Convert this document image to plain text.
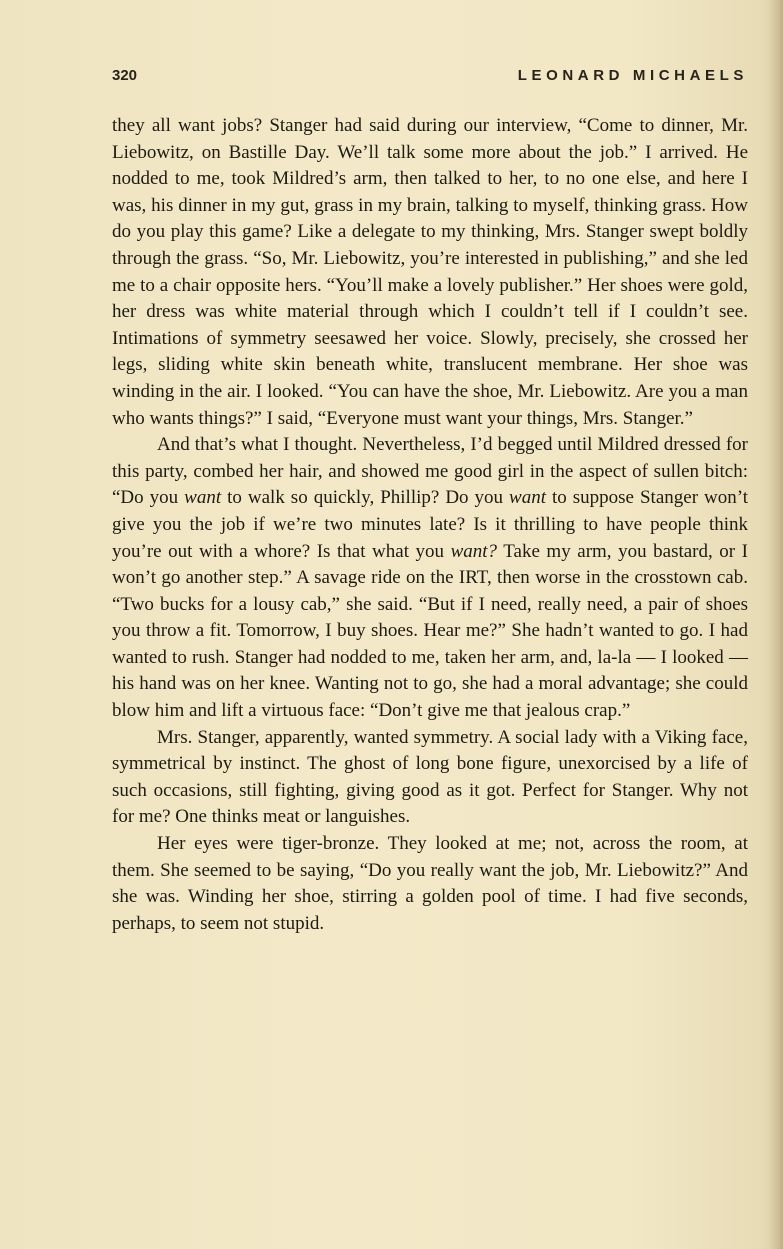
320	LEONARD MICHAELS

they all want jobs? Stanger had said during our interview, “Come to dinner, Mr. Liebowitz, on Bastille Day. We’ll talk some more about the job.” I arrived. He nodded to me, took Mildred’s arm, then talked to her, to no one else, and here I was, his dinner in my gut, grass in my brain, talking to myself, thinking grass. How do you play this game? Like a delegate to my thinking, Mrs. Stanger swept boldly through the grass. “So, Mr. Liebowitz, you’re interested in publishing,” and she led me to a chair opposite hers. “You’ll make a lovely publisher.” Her shoes were gold, her dress was white material through which I couldn’t tell if I couldn’t see. Intimations of symmetry seesawed her voice. Slowly, precisely, she crossed her legs, sliding white skin beneath white, translucent membrane. Her shoe was winding in the air. I looked. “You can have the shoe, Mr. Liebowitz. Are you a man who wants things?” I said, “Everyone must want your things, Mrs. Stanger.”

And that’s what I thought. Nevertheless, I’d begged until Mildred dressed for this party, combed her hair, and showed me good girl in the aspect of sullen bitch: “Do you want to walk so quickly, Phillip? Do you want to suppose Stanger won’t give you the job if we’re two minutes late? Is it thrilling to have people think you’re out with a whore? Is that what you want? Take my arm, you bastard, or I won’t go another step.” A savage ride on the IRT, then worse in the crosstown cab. “Two bucks for a lousy cab,” she said. “But if I need, really need, a pair of shoes you throw a fit. Tomorrow, I buy shoes. Hear me?” She hadn’t wanted to go. I had wanted to rush. Stanger had nodded to me, taken her arm, and, la-la — I looked — his hand was on her knee. Wanting not to go, she had a moral advantage; she could blow him and lift a virtuous face: “Don’t give me that jealous crap.”

Mrs. Stanger, apparently, wanted symmetry. A social lady with a Viking face, symmetrical by instinct. The ghost of long bone figure, unexorcised by a life of such occasions, still fighting, giving good as it got. Perfect for Stanger. Why not for me? One thinks meat or languishes.

Her eyes were tiger-bronze. They looked at me; not, across the room, at them. She seemed to be saying, “Do you really want the job, Mr. Liebowitz?” And she was. Winding her shoe, stirring a golden pool of time. I had five seconds, perhaps, to seem not stupid.
